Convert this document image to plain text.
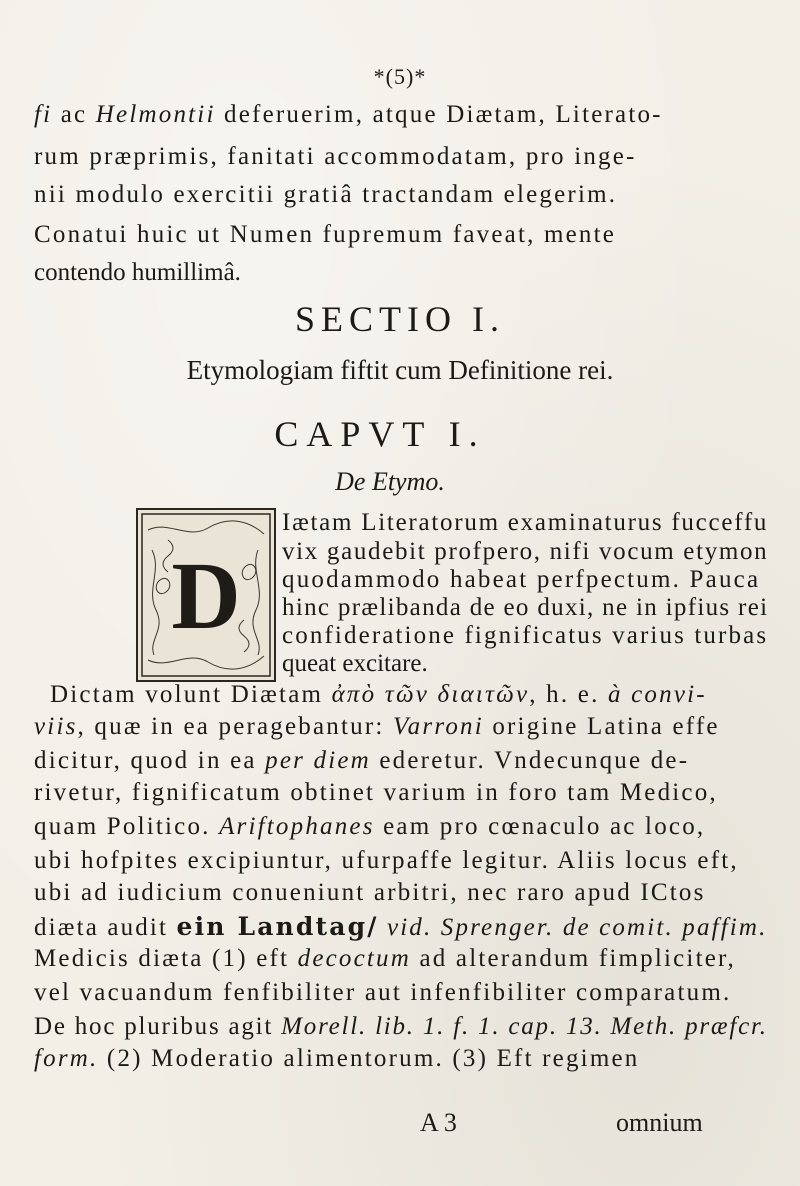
*(5)*
fi ac Helmontii deferuerim, atque Diætam, Literato-
rum præprimis, fanitati accommodatam, pro inge-
nii modulo exercitii gratiâ tractandam elegerim.
Conatui huic ut Numen fupremum faveat, mente
contendo humillimâ.
SECTIO I.
Etymologiam fiftit cum Definitione rei.
CAPVT I.
De Etymo.
D
Iætam Literatorum examinaturus fucceffu
vix gaudebit profpero, nifi vocum etymon
quodammodo habeat perfpectum. Pauca
hinc prælibanda de eo duxi, ne in ipfius rei
confideratione fignificatus varius turbas
queat excitare.
Dictam volunt Diætam ἀπὸ τῶν διαιτῶν, h. e. à convi-
viis, quæ in ea peragebantur: Varroni origine Latina effe
dicitur, quod in ea per diem ederetur. Vndecunque de-
rivetur, fignificatum obtinet varium in foro tam Medico,
quam Politico. Ariftophanes eam pro cœnaculo ac loco,
ubi hofpites excipiuntur, ufurpaffe legitur. Aliis locus eft,
ubi ad iudicium conueniunt arbitri, nec raro apud ICtos
diæta audit ein Landtag/ vid. Sprenger. de comit. paffim.
Medicis diæta (1) eft decoctum ad alterandum fimpliciter,
vel vacuandum fenfibiliter aut infenfibiliter comparatum.
De hoc pluribus agit Morell. lib. 1. f. 1. cap. 13. Meth. præfcr.
form. (2) Moderatio alimentorum. (3) Eft regimen
A 3	omnium
